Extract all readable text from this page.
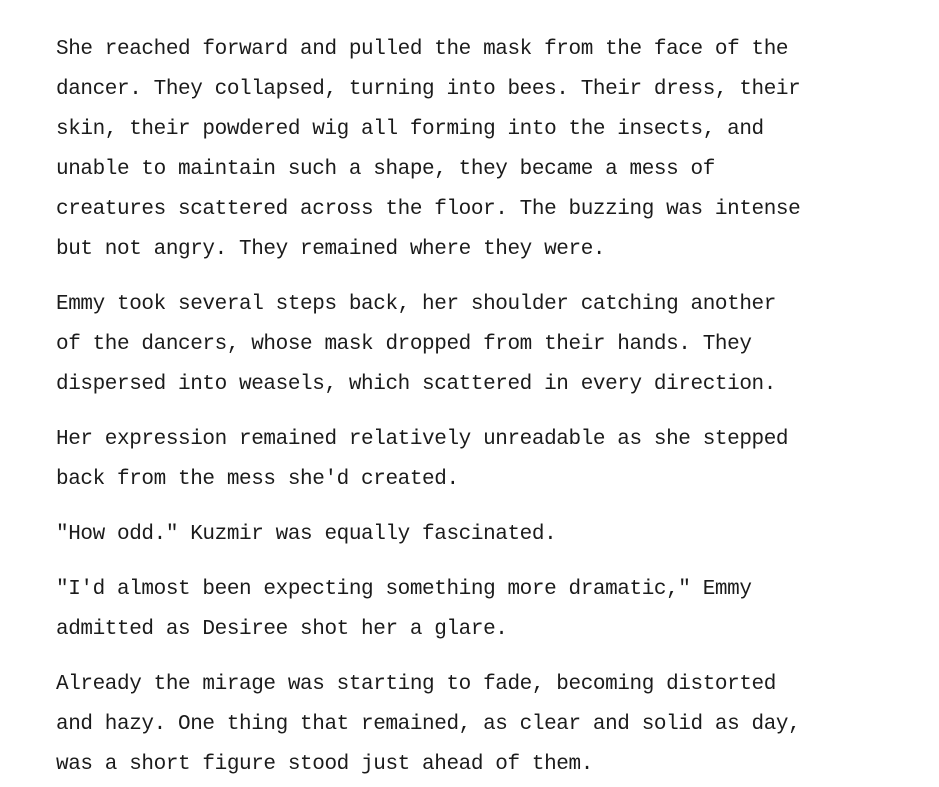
She reached forward and pulled the mask from the face of the
dancer. They collapsed, turning into bees. Their dress, their
skin, their powdered wig all forming into the insects, and
unable to maintain such a shape, they became a mess of
creatures scattered across the floor. The buzzing was intense
but not angry. They remained where they were.

Emmy took several steps back, her shoulder catching another
of the dancers, whose mask dropped from their hands. They
dispersed into weasels, which scattered in every direction.

Her expression remained relatively unreadable as she stepped
back from the mess she'd created.

"How odd." Kuzmir was equally fascinated.

"I'd almost been expecting something more dramatic," Emmy
admitted as Desiree shot her a glare.

Already the mirage was starting to fade, becoming distorted
and hazy. One thing that remained, as clear and solid as day,
was a short figure stood just ahead of them.
